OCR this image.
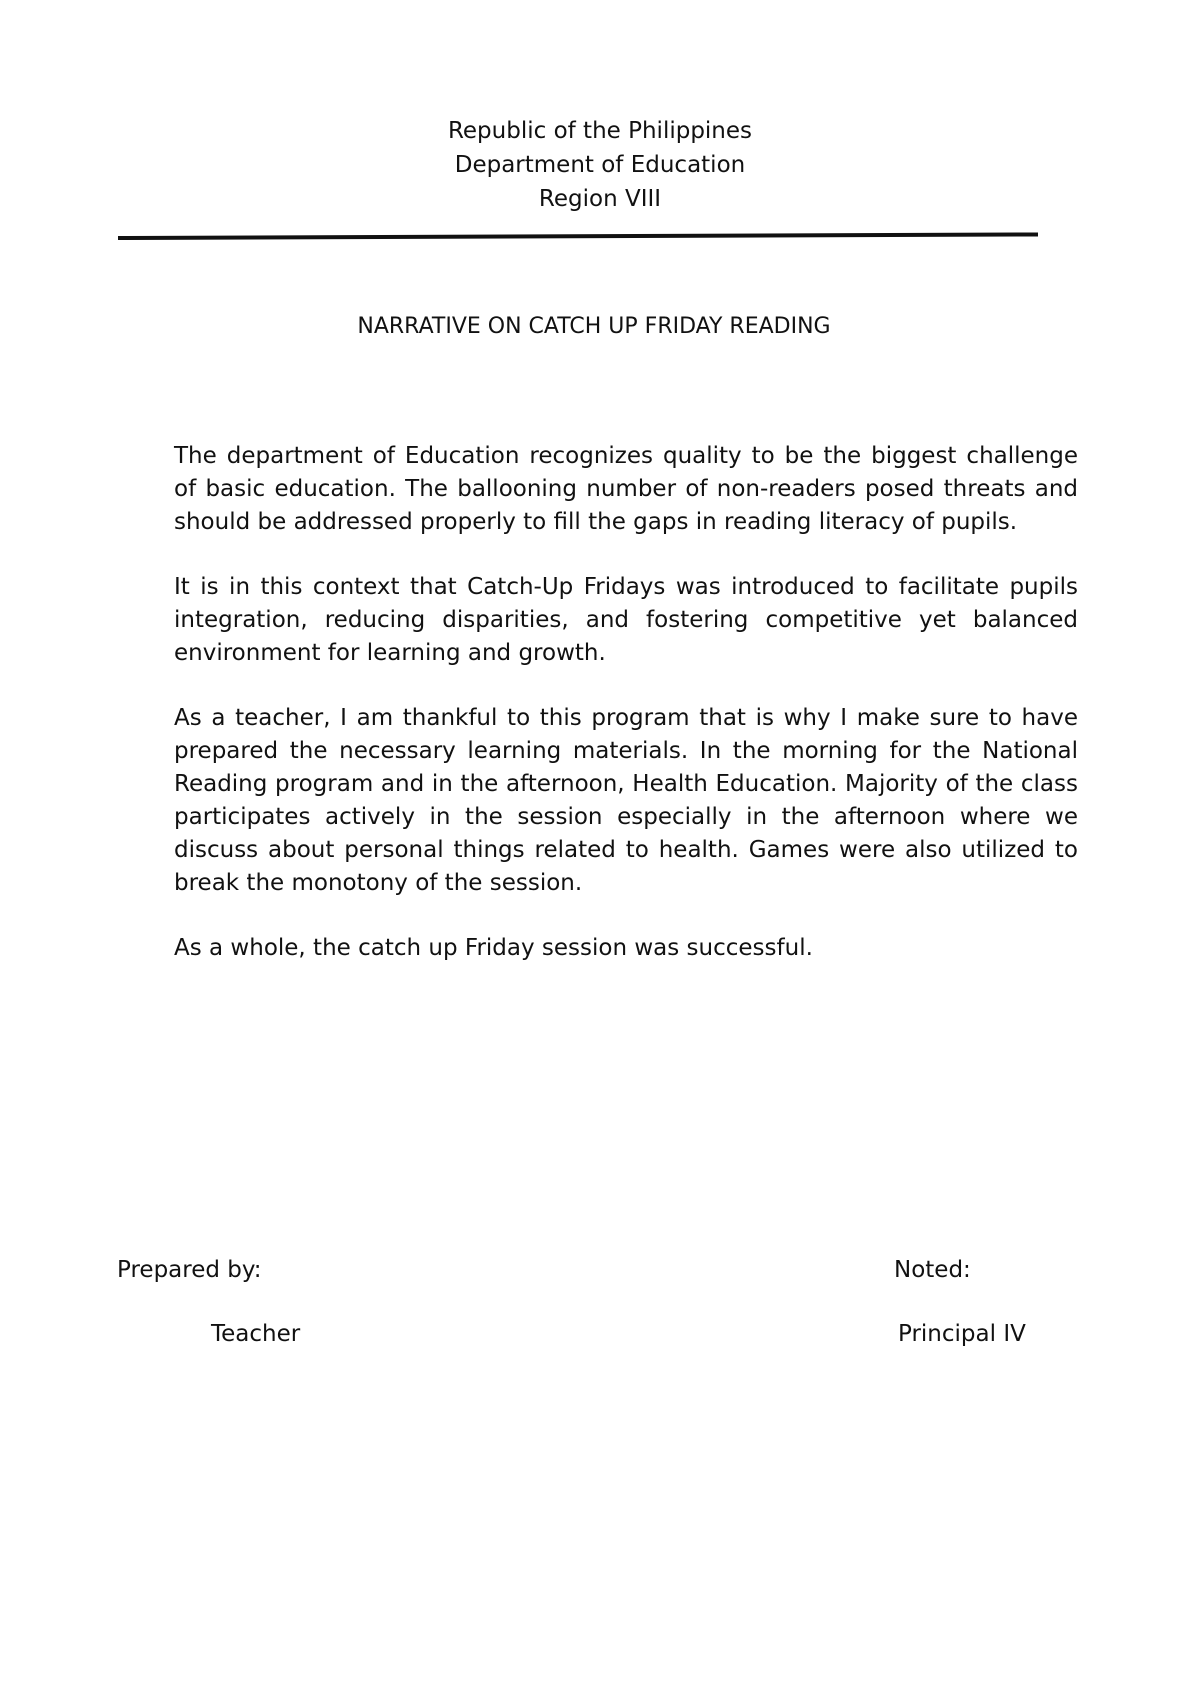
Republic of the Philippines
Department of Education
Region VIII
NARRATIVE ON CATCH UP FRIDAY READING

The department of Education recognizes quality to be the biggest challenge of basic education. The ballooning number of non-readers posed threats and should be addressed properly to fill the gaps in reading literacy of pupils.

It is in this context that Catch-Up Fridays was introduced to facilitate pupils integration, reducing disparities, and fostering competitive yet balanced environment for learning and growth.

As a teacher, I am thankful to this program that is why I make sure to have prepared the necessary learning materials. In the morning for the National Reading program and in the afternoon, Health Education. Majority of the class participates actively in the session especially in the afternoon where we discuss about personal things related to health. Games were also utilized to break the monotony of the session.

As a whole, the catch up Friday session was successful.

Prepared by:	Noted:
Teacher	Principal IV
